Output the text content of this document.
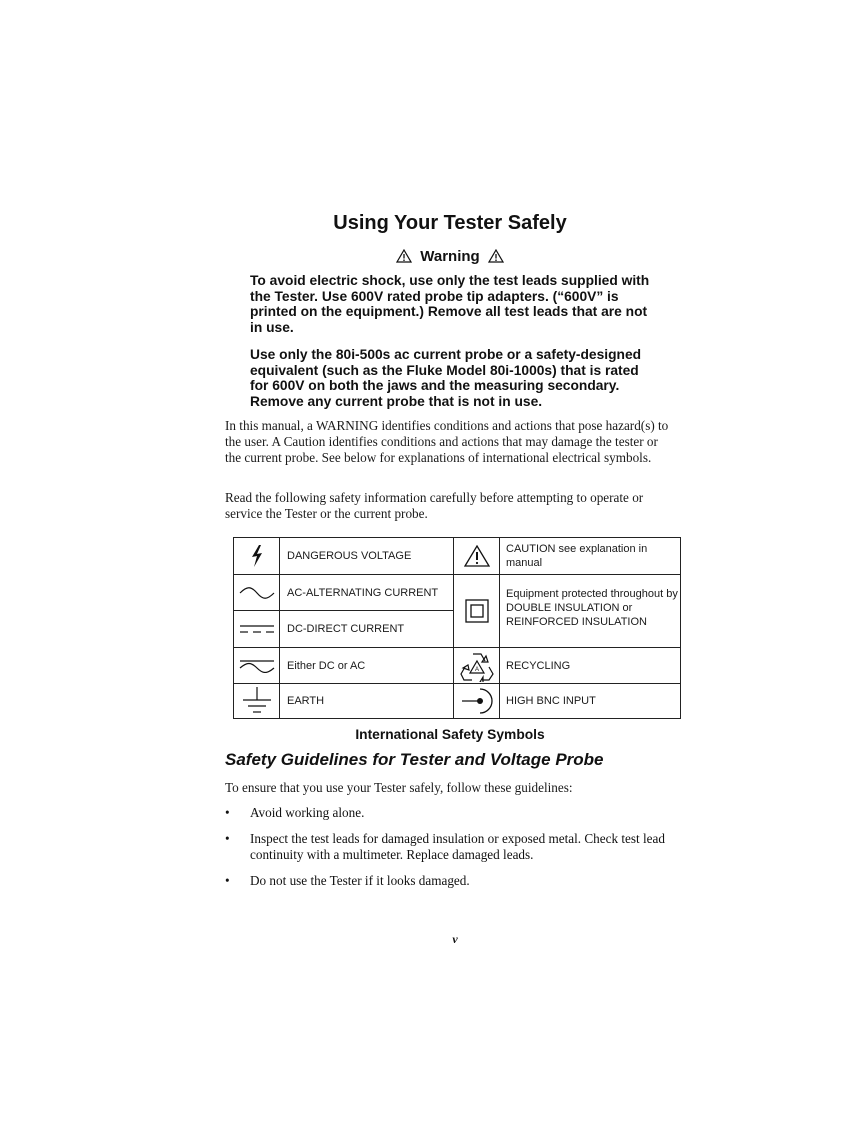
Using Your Tester Safely
Warning

To avoid electric shock, use only the test leads supplied with the Tester. Use 600V rated probe tip adapters. (“600V” is printed on the equipment.) Remove all test leads that are not in use.

Use only the 80i-500s ac current probe or a safety-designed equivalent (such as the Fluke Model 80i-1000s) that is rated for 600V on both the jaws and the measuring secondary. Remove any current probe that is not in use.

In this manual, a WARNING identifies conditions and actions that pose hazard(s) to the user. A Caution identifies conditions and actions that may damage the tester or the current probe. See below for explanations of international electrical symbols.

Read the following safety information carefully before attempting to operate or service the Tester or the current probe.

	DANGEROUS VOLTAGE		CAUTION see explanation in manual

	AC-ALTERNATING CURRENT		Equipment protected throughout by DOUBLE INSULATION or REINFORCED INSULATION

	DC-DIRECT CURRENT		

	Either DC or AC	A	RECYCLING

	EARTH		HIGH BNC INPUT
International Safety Symbols
Safety Guidelines for Tester and Voltage Probe

To ensure that you use your Tester safely, follow these guidelines:

• Avoid working alone.
• Inspect the test leads for damaged insulation or exposed metal. Check test lead continuity with a multimeter. Replace damaged leads.
• Do not use the Tester if it looks damaged.
v
